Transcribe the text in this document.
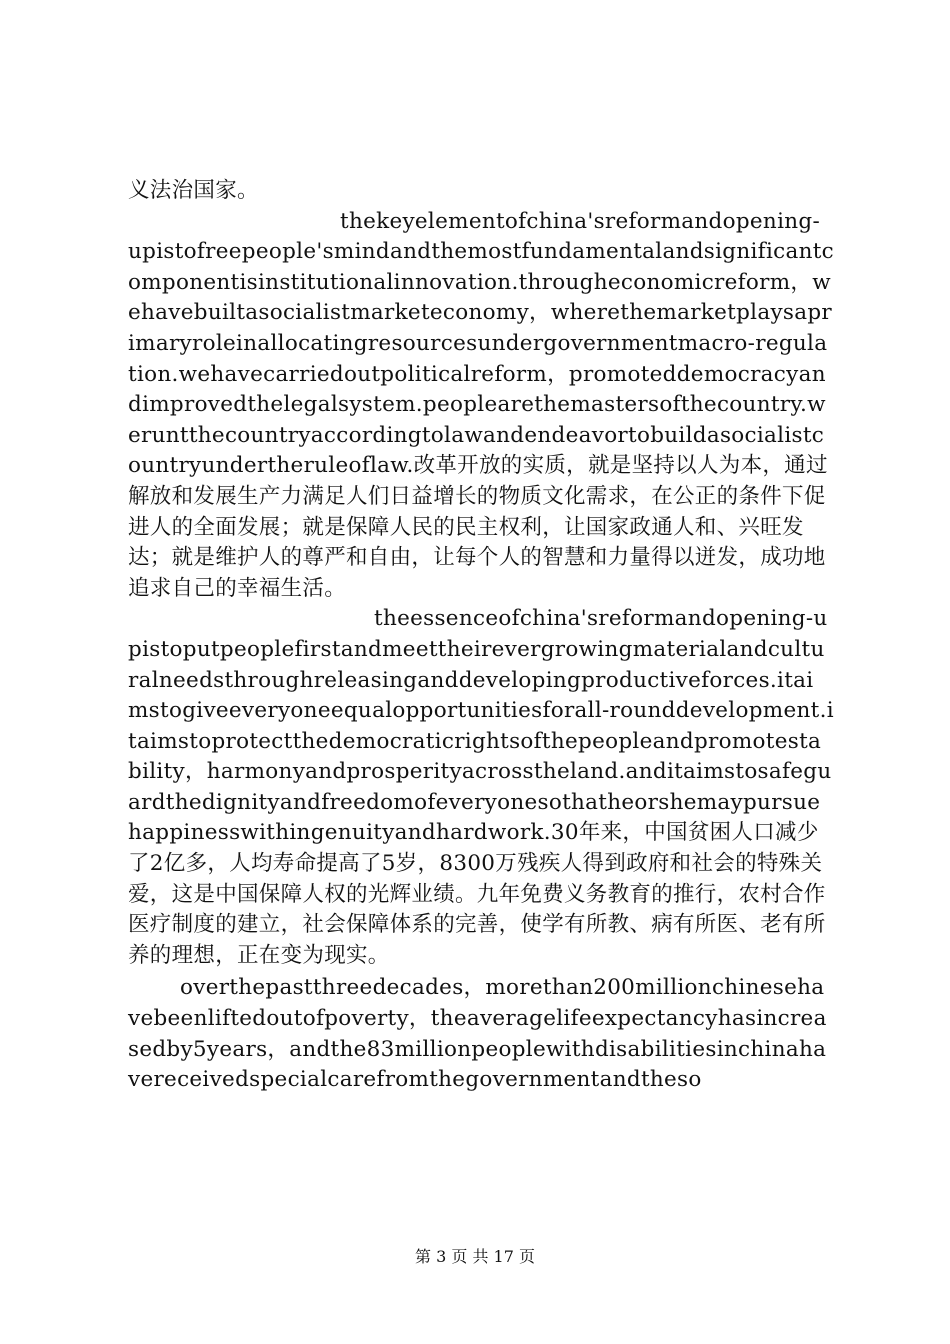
义法治国家。

thekeyelementofchina'sreformandopening-upistofreepeople'smindandthemostfundamentalandsignificantcomponentisinstitutionalinnovation.througheconomicreform，wehavebuiltasocialistmarketeconomy，wherethemarketplaysaprimaryroleinallocatingresourcesundergovernmentmacro-regulation.wehavecarriedoutpoliticalreform，promoteddemocracyandimprovedthelegalsystem.peoplearethemastersofthecountry.weruntthecountryaccordingtolawandendeavortobuildasocialistcountryundertheruleoflaw.改革开放的实质，就是坚持以人为本，通过解放和发展生产力满足人们日益增长的物质文化需求，在公正的条件下促进人的全面发展；就是保障人民的民主权利，让国家政通人和、兴旺发达；就是维护人的尊严和自由，让每个人的智慧和力量得以迸发，成功地追求自己的幸福生活。

theessenceofchina'sreformandopening-upistoputpeoplefirstandmeettheirevergrowingmaterialandculturalneedsthroughreleasinganddevelopingproductiveforces.itaimstogiveeveryoneequalopportunitiesforall-rounddevelopment.itaimstoprotectthedemocraticrightsofthepeopleandpromotestability，harmonyandprosperityacrosstheland.anditaimstosafeguardthedignityandfreedomofeveryonesothatheorshemaypursuehappinesswithingenuityandhardwork.30年来，中国贫困人口减少了2亿多，人均寿命提高了5岁，8300万残疾人得到政府和社会的特殊关爱，这是中国保障人权的光辉业绩。九年免费义务教育的推行，农村合作医疗制度的建立，社会保障体系的完善，使学有所教、病有所医、老有所养的理想，正在变为现实。

overthepastthreedecades，morethan200millionchinesehavebeenliftedoutofpoverty，theaveragelifeexpectancyhasincreasedby5years，andthe83millionpeoplewithdisabilitiesinchinahavereceivedspecialcarefromthegovernmentandtheso

第 3 页 共 17 页
